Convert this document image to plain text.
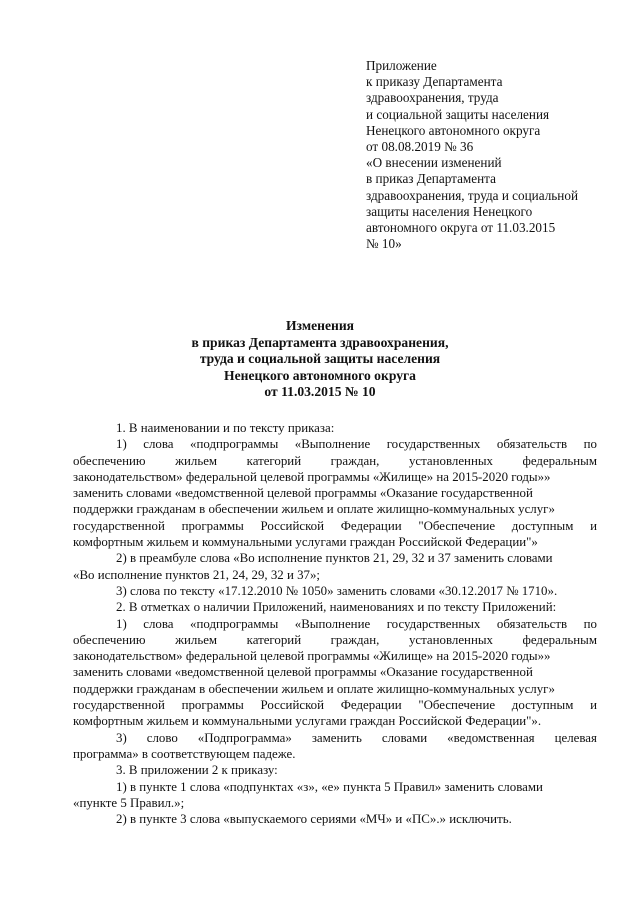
Приложение
к приказу Департамента
здравоохранения, труда
и социальной защиты населения
Ненецкого автономного округа
от 08.08.2019 № 36
«О внесении изменений
в приказ Департамента
здравоохранения, труда и социальной
защиты населения Ненецкого
автономного округа от 11.03.2015
№ 10»
Изменения
в приказ Департамента здравоохранения,
труда и социальной защиты населения
Ненецкого автономного округа
от 11.03.2015 № 10
1. В наименовании и по тексту приказа:
1) слова «подпрограммы «Выполнение государственных обязательств по
обеспечению жильем категорий граждан, установленных федеральным
законодательством» федеральной целевой программы «Жилище» на 2015-2020 годы»»
заменить словами «ведомственной целевой программы «Оказание государственной
поддержки гражданам в обеспечении жильем и оплате жилищно-коммунальных услуг»
государственной программы Российской Федерации "Обеспечение доступным и
комфортным жильем и коммунальными услугами граждан Российской Федерации"»
2) в преамбуле слова «Во исполнение пунктов 21, 29, 32 и 37 заменить словами
«Во исполнение пунктов 21, 24, 29, 32 и 37»;
3) слова по тексту «17.12.2010 № 1050» заменить словами «30.12.2017 № 1710».
2. В отметках о наличии Приложений, наименованиях и по тексту Приложений:
1) слова «подпрограммы «Выполнение государственных обязательств по
обеспечению жильем категорий граждан, установленных федеральным
законодательством» федеральной целевой программы «Жилище» на 2015-2020 годы»»
заменить словами «ведомственной целевой программы «Оказание государственной
поддержки гражданам в обеспечении жильем и оплате жилищно-коммунальных услуг»
государственной программы Российской Федерации "Обеспечение доступным и
комфортным жильем и коммунальными услугами граждан Российской Федерации"».
3) слово «Подпрограмма» заменить словами «ведомственная целевая
программа» в соответствующем падеже.
3. В приложении 2 к приказу:
1) в пункте 1 слова «подпунктах «з», «е» пункта 5 Правил» заменить словами
«пункте 5 Правил.»;
2) в пункте 3 слова «выпускаемого сериями «МЧ» и «ПС».» исключить.
